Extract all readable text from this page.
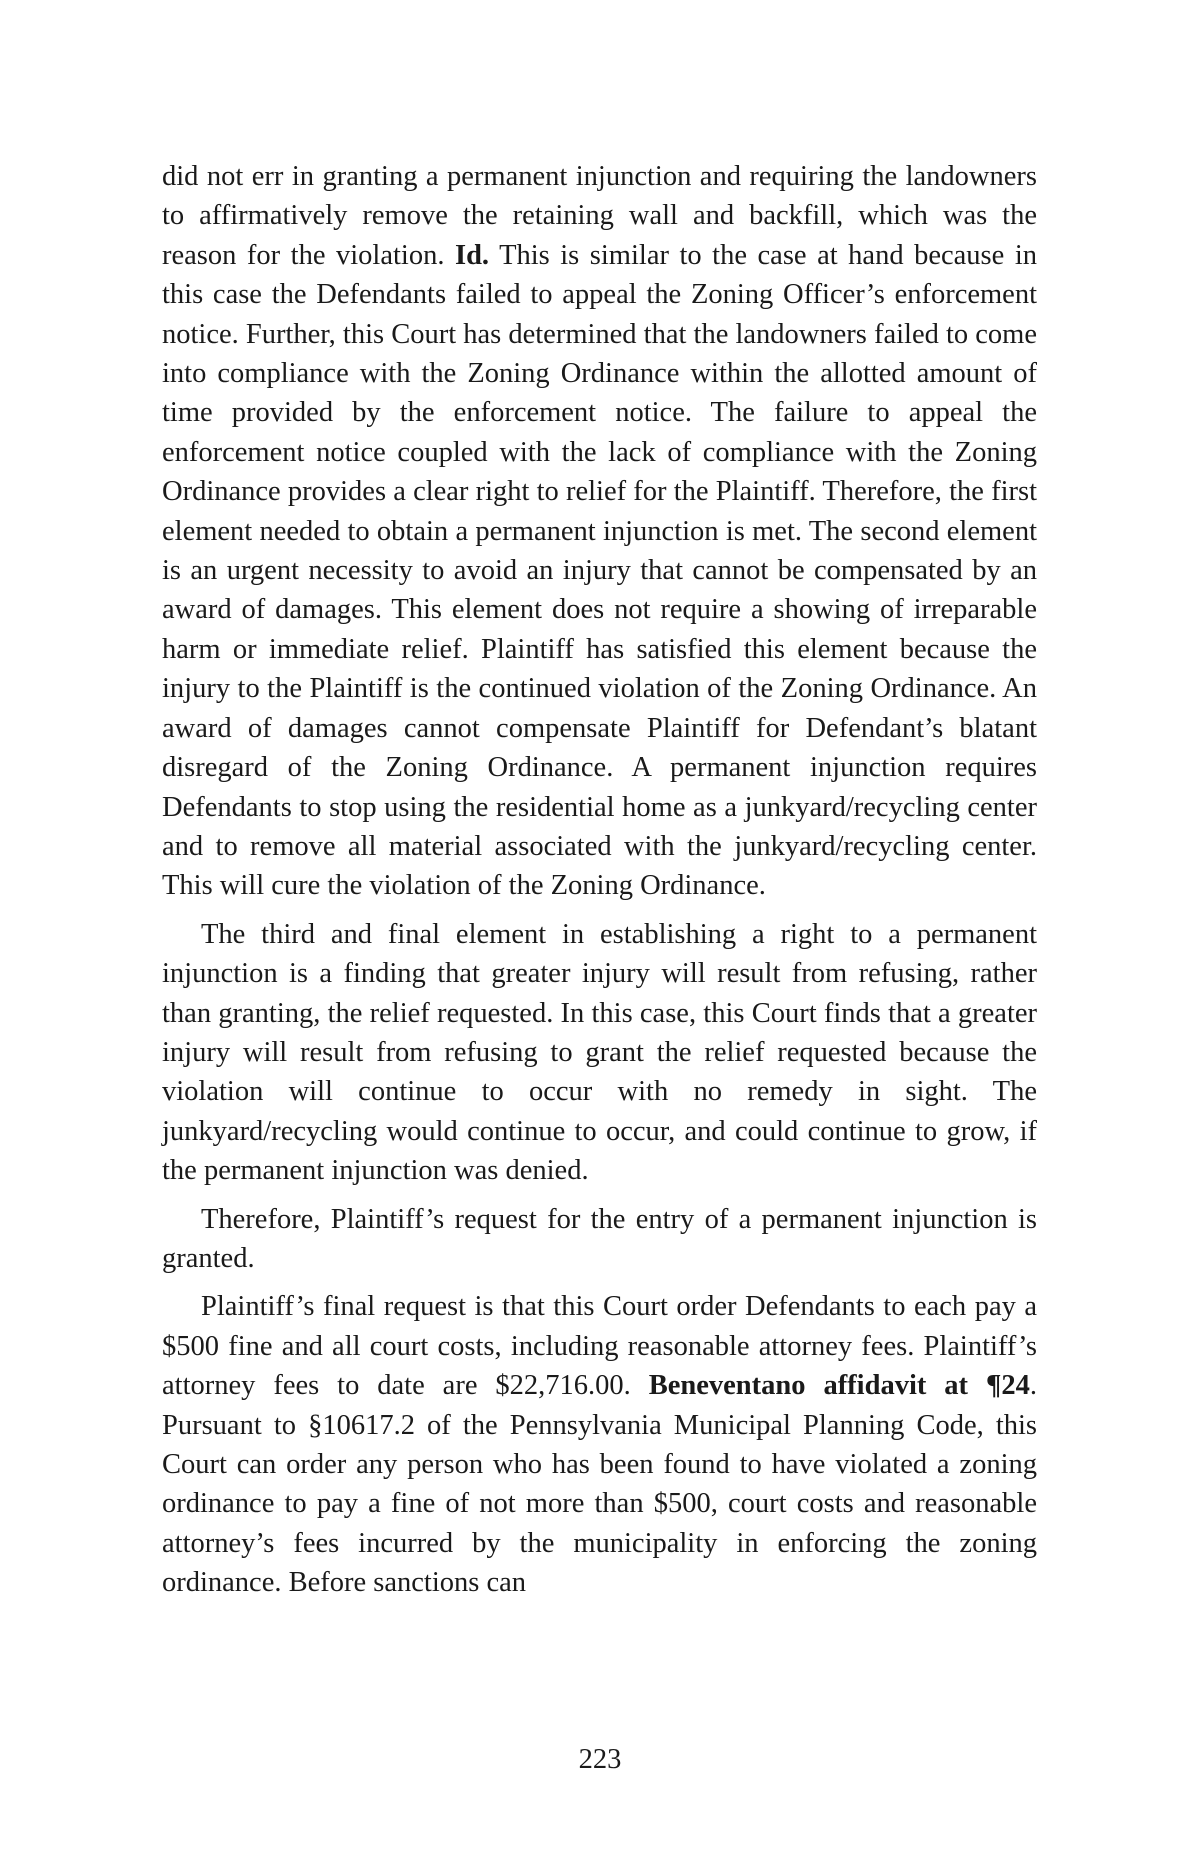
did not err in granting a permanent injunction and requiring the landowners to affirmatively remove the retaining wall and backfill, which was the reason for the violation. Id. This is similar to the case at hand because in this case the Defendants failed to appeal the Zoning Officer’s enforcement notice. Further, this Court has determined that the landowners failed to come into compliance with the Zoning Ordinance within the allotted amount of time provided by the enforcement notice. The failure to appeal the enforcement notice coupled with the lack of compliance with the Zoning Ordinance provides a clear right to relief for the Plaintiff. Therefore, the first element needed to obtain a permanent injunction is met. The second element is an urgent necessity to avoid an injury that cannot be compensated by an award of damages. This element does not require a showing of irreparable harm or immediate relief. Plaintiff has satisfied this element because the injury to the Plaintiff is the continued violation of the Zoning Ordinance. An award of damages cannot compensate Plaintiff for Defendant’s blatant disregard of the Zoning Ordinance. A permanent injunction requires Defendants to stop using the residential home as a junkyard/recycling center and to remove all material associated with the junkyard/recycling center. This will cure the violation of the Zoning Ordinance.

The third and final element in establishing a right to a permanent injunction is a finding that greater injury will result from refusing, rather than granting, the relief requested. In this case, this Court finds that a greater injury will result from refusing to grant the relief requested because the violation will continue to occur with no remedy in sight. The junkyard/recycling would continue to occur, and could continue to grow, if the permanent injunction was denied.

Therefore, Plaintiff’s request for the entry of a permanent injunction is granted.

Plaintiff’s final request is that this Court order Defendants to each pay a $500 fine and all court costs, including reasonable attorney fees. Plaintiff’s attorney fees to date are $22,716.00. Beneventano affidavit at ¶24. Pursuant to §10617.2 of the Pennsylvania Municipal Planning Code, this Court can order any person who has been found to have violated a zoning ordinance to pay a fine of not more than $500, court costs and reasonable attorney’s fees incurred by the municipality in enforcing the zoning ordinance. Before sanctions can

223
